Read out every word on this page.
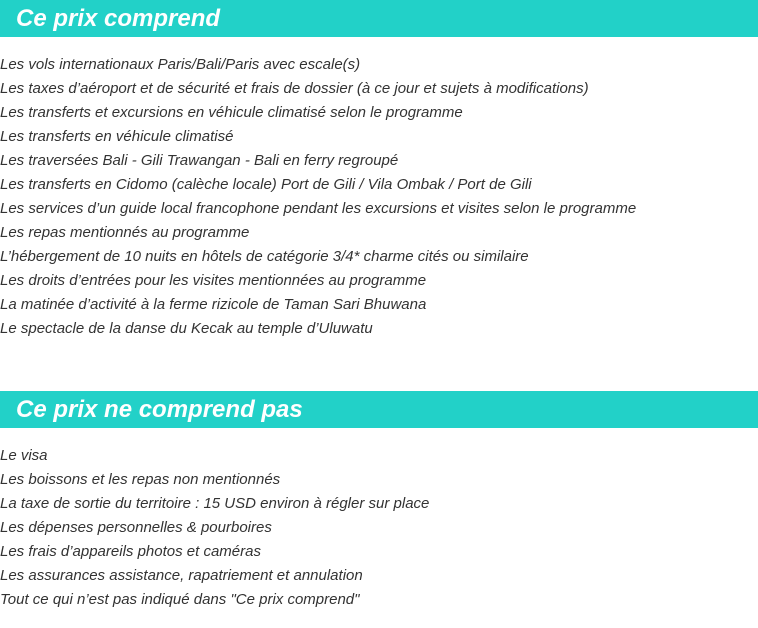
Ce prix comprend
Les vols internationaux Paris/Bali/Paris avec escale(s)
Les taxes d’aéroport et de sécurité et frais de dossier (à ce jour et sujets à modifications)
Les transferts et excursions en véhicule climatisé selon le programme
Les transferts en véhicule climatisé
Les traversées Bali - Gili Trawangan - Bali en ferry regroupé
Les transferts en Cidomo (calèche locale) Port de Gili / Vila Ombak / Port de Gili
Les services d’un guide local francophone pendant les excursions et visites selon le programme
Les repas mentionnés au programme
L’hébergement de 10 nuits en hôtels de catégorie 3/4* charme cités ou similaire
Les droits d’entrées pour les visites mentionnées au programme
La matinée d’activité à la ferme rizicole de Taman Sari Bhuwana
Le spectacle de la danse du Kecak au temple d’Uluwatu
Ce prix ne comprend pas
Le visa
Les boissons et les repas non mentionnés
La taxe de sortie du territoire : 15 USD environ à régler sur place
Les dépenses personnelles & pourboires
Les frais d’appareils photos et caméras
Les assurances assistance, rapatriement et annulation
Tout ce qui n’est pas indiqué dans "Ce prix comprend"
